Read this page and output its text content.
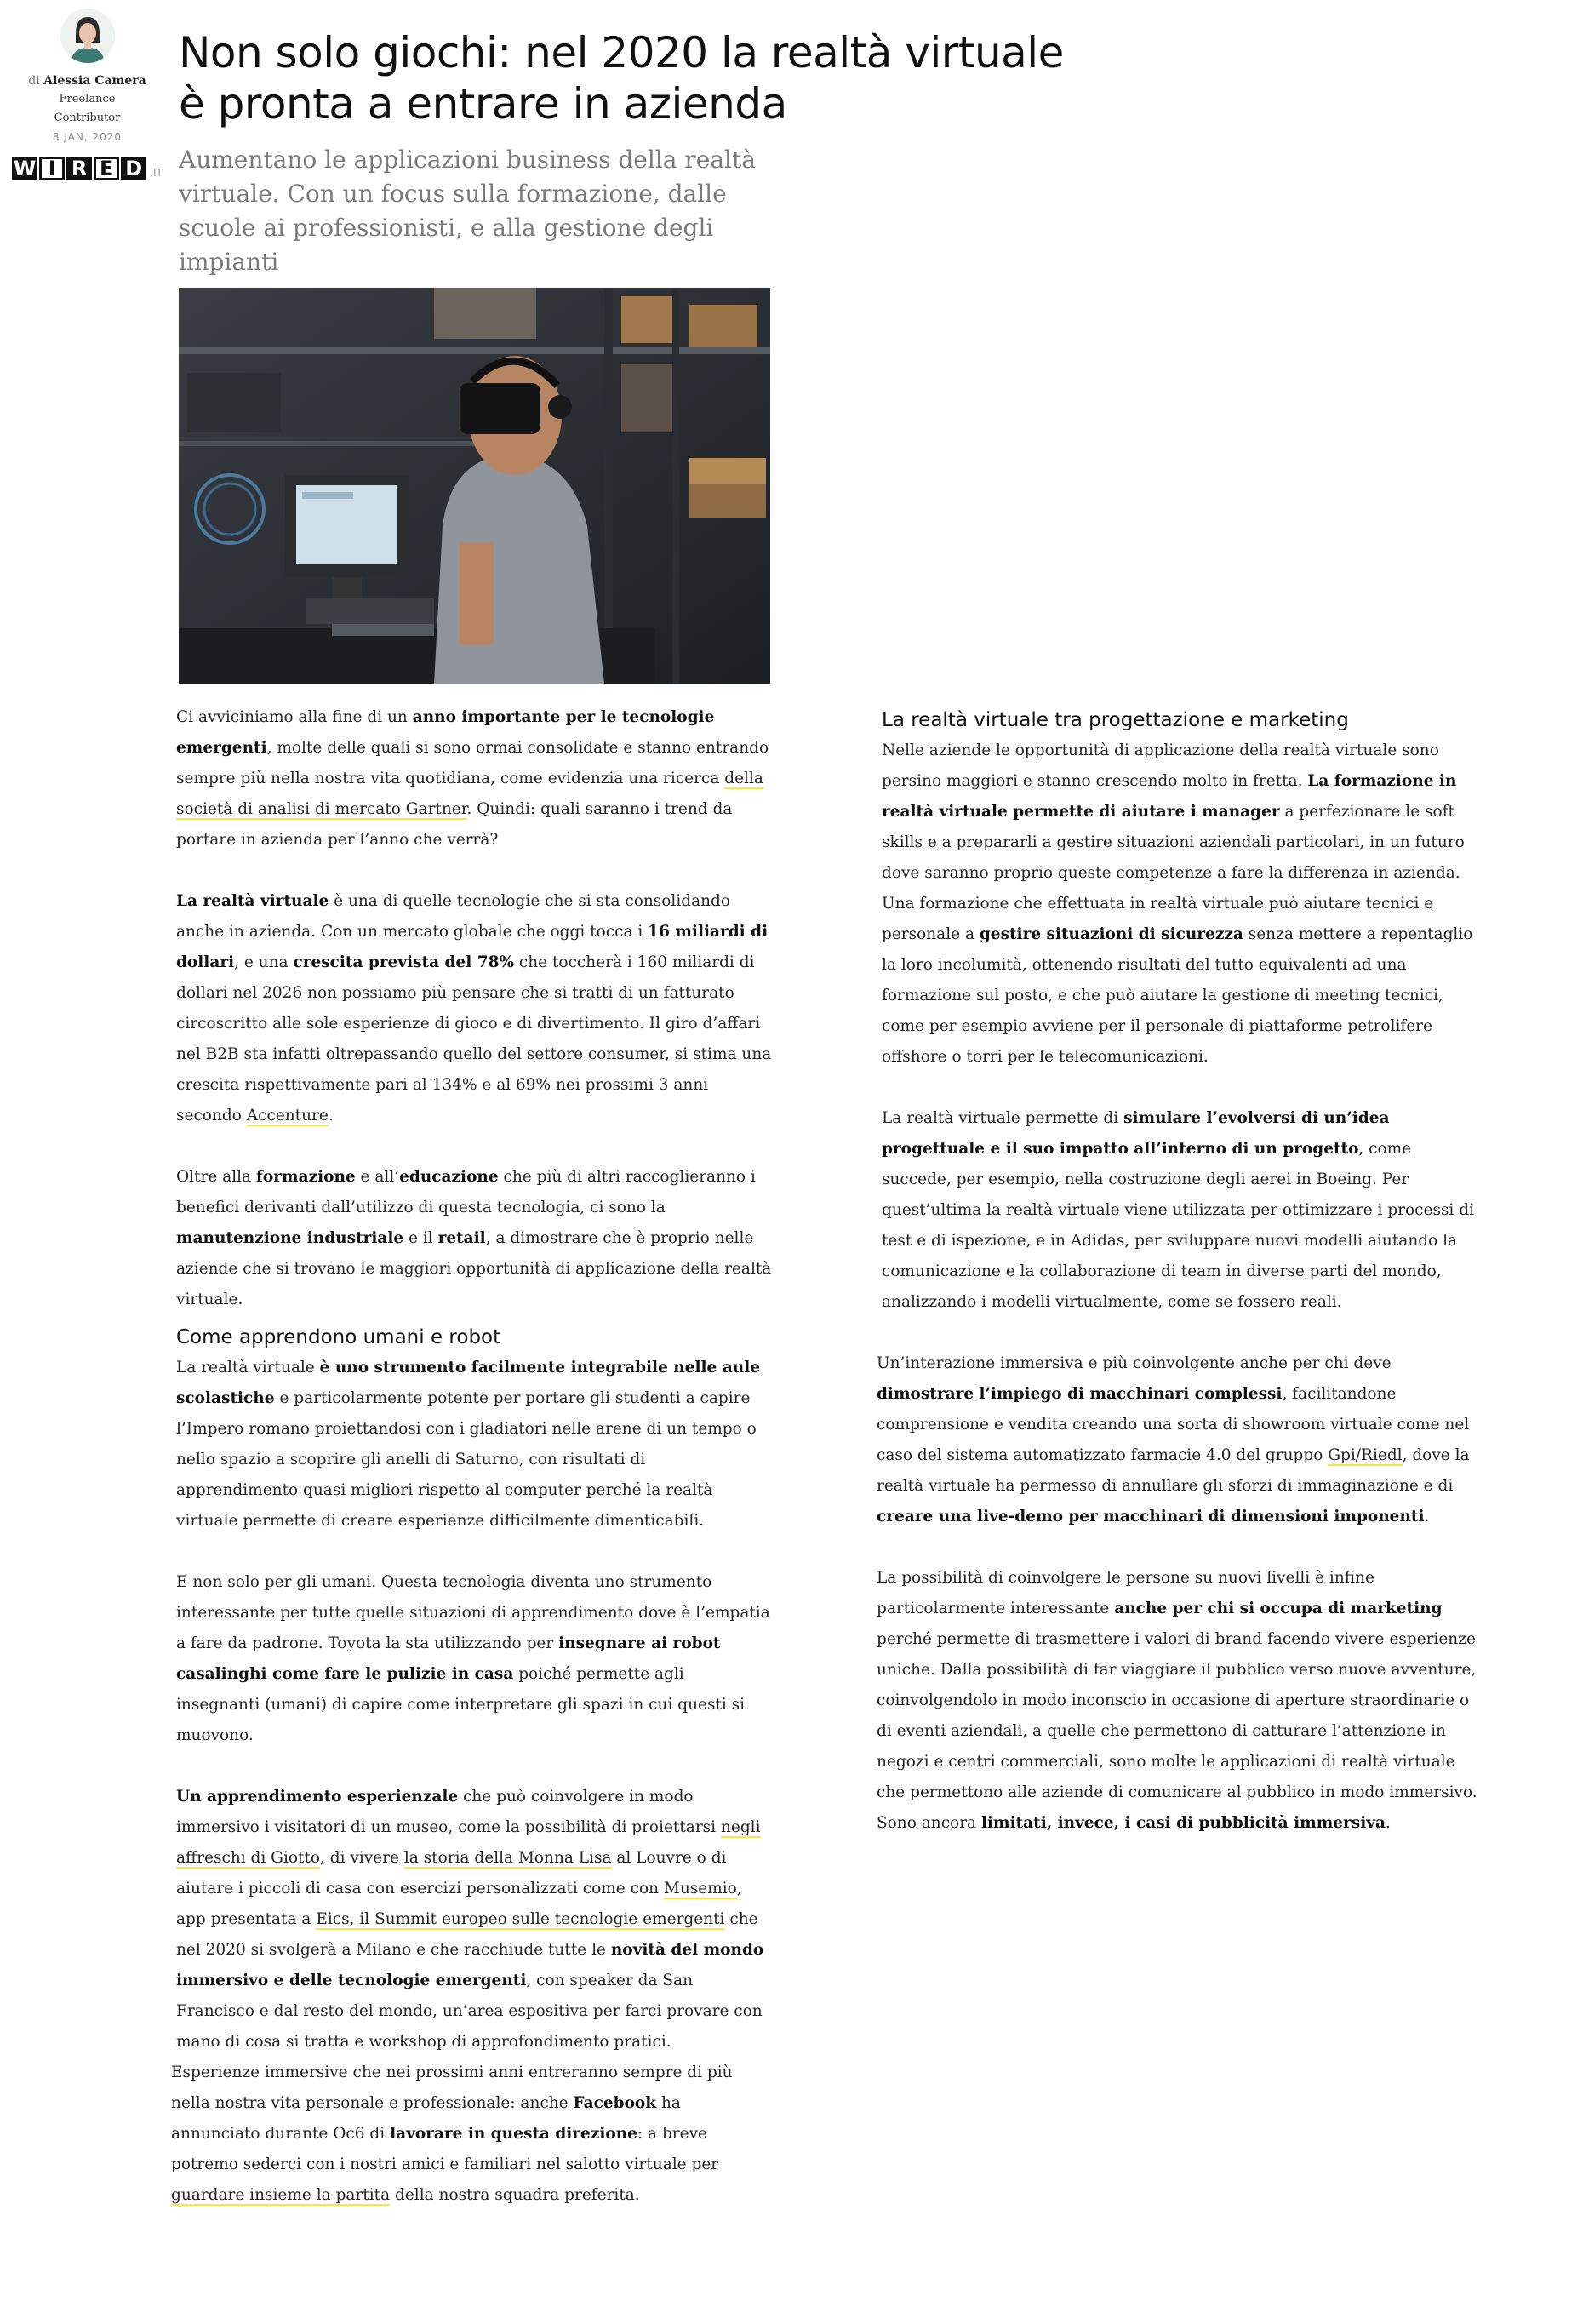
di Alessia Camera
Freelance
Contributor
8 JAN, 2020
W I R E D .IT
Non solo giochi: nel 2020 la realtà virtuale
è pronta a entrare in azienda

Aumentano le applicazioni business della realtà virtuale. Con un focus sulla formazione, dalle scuole ai professionisti, e alla gestione degli impianti

Ci avviciniamo alla fine di un anno importante per le tecnologie emergenti, molte delle quali si sono ormai consolidate e stanno entrando sempre più nella nostra vita quotidiana, come evidenzia una ricerca della società di analisi di mercato Gartner. Quindi: quali saranno i trend da portare in azienda per l’anno che verrà?

La realtà virtuale è una di quelle tecnologie che si sta consolidando anche in azienda. Con un mercato globale che oggi tocca i 16 miliardi di dollari, e una crescita prevista del 78% che toccherà i 160 miliardi di dollari nel 2026 non possiamo più pensare che si tratti di un fatturato circoscritto alle sole esperienze di gioco e di divertimento. Il giro d’affari nel B2B sta infatti oltrepassando quello del settore consumer, si stima una crescita rispettivamente pari al 134% e al 69% nei prossimi 3 anni secondo Accenture.

Oltre alla formazione e all’educazione che più di altri raccoglieranno i benefici derivanti dall’utilizzo di questa tecnologia, ci sono la manutenzione industriale e il retail, a dimostrare che è proprio nelle aziende che si trovano le maggiori opportunità di applicazione della realtà virtuale.

Come apprendono umani e robot

La realtà virtuale è uno strumento facilmente integrabile nelle aule scolastiche e particolarmente potente per portare gli studenti a capire l’Impero romano proiettandosi con i gladiatori nelle arene di un tempo o nello spazio a scoprire gli anelli di Saturno, con risultati di apprendimento quasi migliori rispetto al computer perché la realtà virtuale permette di creare esperienze difficilmente dimenticabili.

E non solo per gli umani. Questa tecnologia diventa uno strumento interessante per tutte quelle situazioni di apprendimento dove è l’empatia a fare da padrone. Toyota la sta utilizzando per insegnare ai robot casalinghi come fare le pulizie in casa poiché permette agli insegnanti (umani) di capire come interpretare gli spazi in cui questi si muovono.

Un apprendimento esperienzale che può coinvolgere in modo immersivo i visitatori di un museo, come la possibilità di proiettarsi negli affreschi di Giotto, di vivere la storia della Monna Lisa al Louvre o di aiutare i piccoli di casa con esercizi personalizzati come con Musemio, app presentata a Eics, il Summit europeo sulle tecnologie emergenti che nel 2020 si svolgerà a Milano e che racchiude tutte le novità del mondo immersivo e delle tecnologie emergenti, con speaker da San Francisco e dal resto del mondo, un’area espositiva per farci provare con mano di cosa si tratta e workshop di approfondimento pratici.

Esperienze immersive che nei prossimi anni entreranno sempre di più nella nostra vita personale e professionale: anche Facebook ha annunciato durante Oc6 di lavorare in questa direzione: a breve potremo sederci con i nostri amici e familiari nel salotto virtuale per guardare insieme la partita della nostra squadra preferita.

La realtà virtuale tra progettazione e marketing

Nelle aziende le opportunità di applicazione della realtà virtuale sono persino maggiori e stanno crescendo molto in fretta. La formazione in realtà virtuale permette di aiutare i manager a perfezionare le soft skills e a prepararli a gestire situazioni aziendali particolari, in un futuro dove saranno proprio queste competenze a fare la differenza in azienda. Una formazione che effettuata in realtà virtuale può aiutare tecnici e personale a gestire situazioni di sicurezza senza mettere a repentaglio la loro incolumità, ottenendo risultati del tutto equivalenti ad una formazione sul posto, e che può aiutare la gestione di meeting tecnici, come per esempio avviene per il personale di piattaforme petrolifere offshore o torri per le telecomunicazioni.

La realtà virtuale permette di simulare l’evolversi di un’idea progettuale e il suo impatto all’interno di un progetto, come succede, per esempio, nella costruzione degli aerei in Boeing. Per quest’ultima la realtà virtuale viene utilizzata per ottimizzare i processi di test e di ispezione, e in Adidas, per sviluppare nuovi modelli aiutando la comunicazione e la collaborazione di team in diverse parti del mondo, analizzando i modelli virtualmente, come se fossero reali.

Un’interazione immersiva e più coinvolgente anche per chi deve dimostrare l’impiego di macchinari complessi, facilitandone comprensione e vendita creando una sorta di showroom virtuale come nel caso del sistema automatizzato farmacie 4.0 del gruppo Gpi/Riedl, dove la realtà virtuale ha permesso di annullare gli sforzi di immaginazione e di creare una live-demo per macchinari di dimensioni imponenti.

La possibilità di coinvolgere le persone su nuovi livelli è infine particolarmente interessante anche per chi si occupa di marketing perché permette di trasmettere i valori di brand facendo vivere esperienze uniche. Dalla possibilità di far viaggiare il pubblico verso nuove avventure, coinvolgendolo in modo inconscio in occasione di aperture straordinarie o di eventi aziendali, a quelle che permettono di catturare l’attenzione in negozi e centri commerciali, sono molte le applicazioni di realtà virtuale che permettono alle aziende di comunicare al pubblico in modo immersivo. Sono ancora limitati, invece, i casi di pubblicità immersiva.
